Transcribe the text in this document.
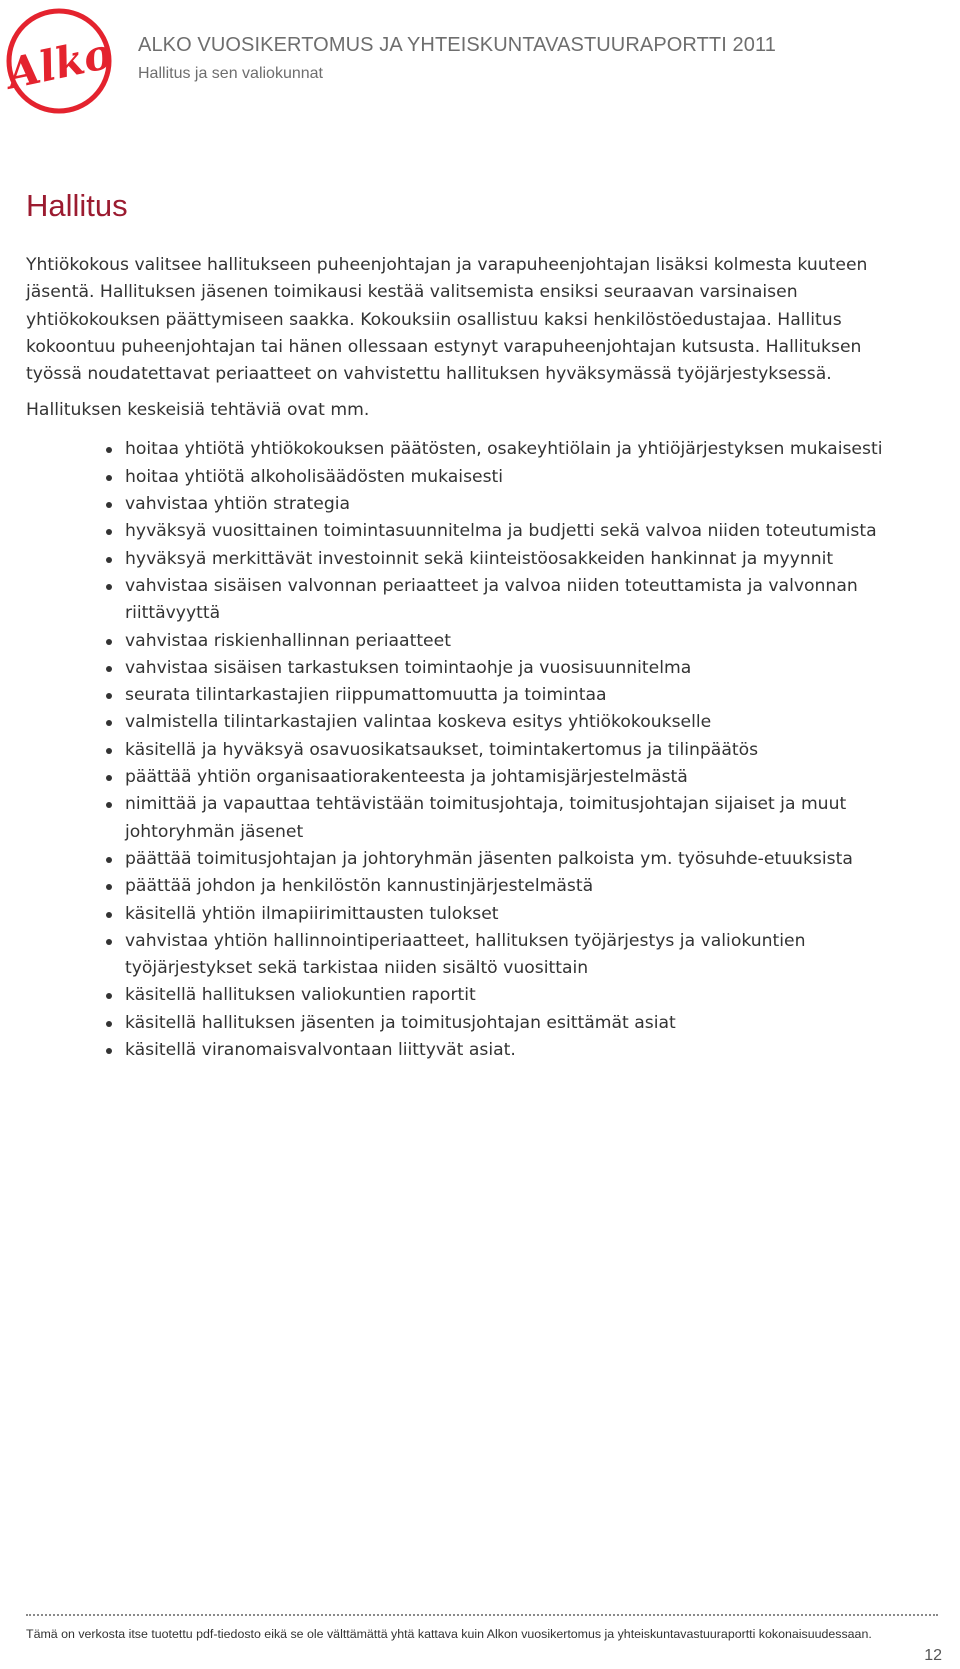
Alko ALKO VUOSIKERTOMUS JA YHTEISKUNTAVASTUURAPORTTI 2011
Hallitus ja sen valiokunnat
Hallitus

Yhtiökokous valitsee hallitukseen puheenjohtajan ja varapuheenjohtajan lisäksi kolmesta kuuteen

jäsentä. Hallituksen jäsenen toimikausi kestää valitsemista ensiksi seuraavan varsinaisen

yhtiökokouksen päättymiseen saakka. Kokouksiin osallistuu kaksi henkilöstöedustajaa. Hallitus

kokoontuu puheenjohtajan tai hänen ollessaan estynyt varapuheenjohtajan kutsusta. Hallituksen

työssä noudatettavat periaatteet on vahvistettu hallituksen hyväksymässä työjärjestyksessä.

Hallituksen keskeisiä tehtäviä ovat mm.
hoitaa yhtiötä yhtiökokouksen päätösten, osakeyhtiölain ja yhtiöjärjestyksen mukaisesti
hoitaa yhtiötä alkoholisäädösten mukaisesti
vahvistaa yhtiön strategia
hyväksyä vuosittainen toimintasuunnitelma ja budjetti sekä valvoa niiden toteutumista
hyväksyä merkittävät investoinnit sekä kiinteistöosakkeiden hankinnat ja myynnit
vahvistaa sisäisen valvonnan periaatteet ja valvoa niiden toteuttamista ja valvonnan riittävyyttä
vahvistaa riskienhallinnan periaatteet
vahvistaa sisäisen tarkastuksen toimintaohje ja vuosisuunnitelma
seurata tilintarkastajien riippumattomuutta ja toimintaa
valmistella tilintarkastajien valintaa koskeva esitys yhtiökokoukselle
käsitellä ja hyväksyä osavuosikatsaukset, toimintakertomus ja tilinpäätös
päättää yhtiön organisaatiorakenteesta ja johtamisjärjestelmästä
nimittää ja vapauttaa tehtävistään toimitusjohtaja, toimitusjohtajan sijaiset ja muut johtoryhmän jäsenet
päättää toimitusjohtajan ja johtoryhmän jäsenten palkoista ym. työsuhde-etuuksista
päättää johdon ja henkilöstön kannustinjärjestelmästä
käsitellä yhtiön ilmapiirimittausten tulokset
vahvistaa yhtiön hallinnointiperiaatteet, hallituksen työjärjestys ja valiokuntien työjärjestykset sekä tarkistaa niiden sisältö vuosittain
käsitellä hallituksen valiokuntien raportit
käsitellä hallituksen jäsenten ja toimitusjohtajan esittämät asiat
käsitellä viranomaisvalvontaan liittyvät asiat.
Tämä on verkosta itse tuotettu pdf-tiedosto eikä se ole välttämättä yhtä kattava kuin Alkon vuosikertomus ja yhteiskuntavastuuraportti kokonaisuudessaan.
12
